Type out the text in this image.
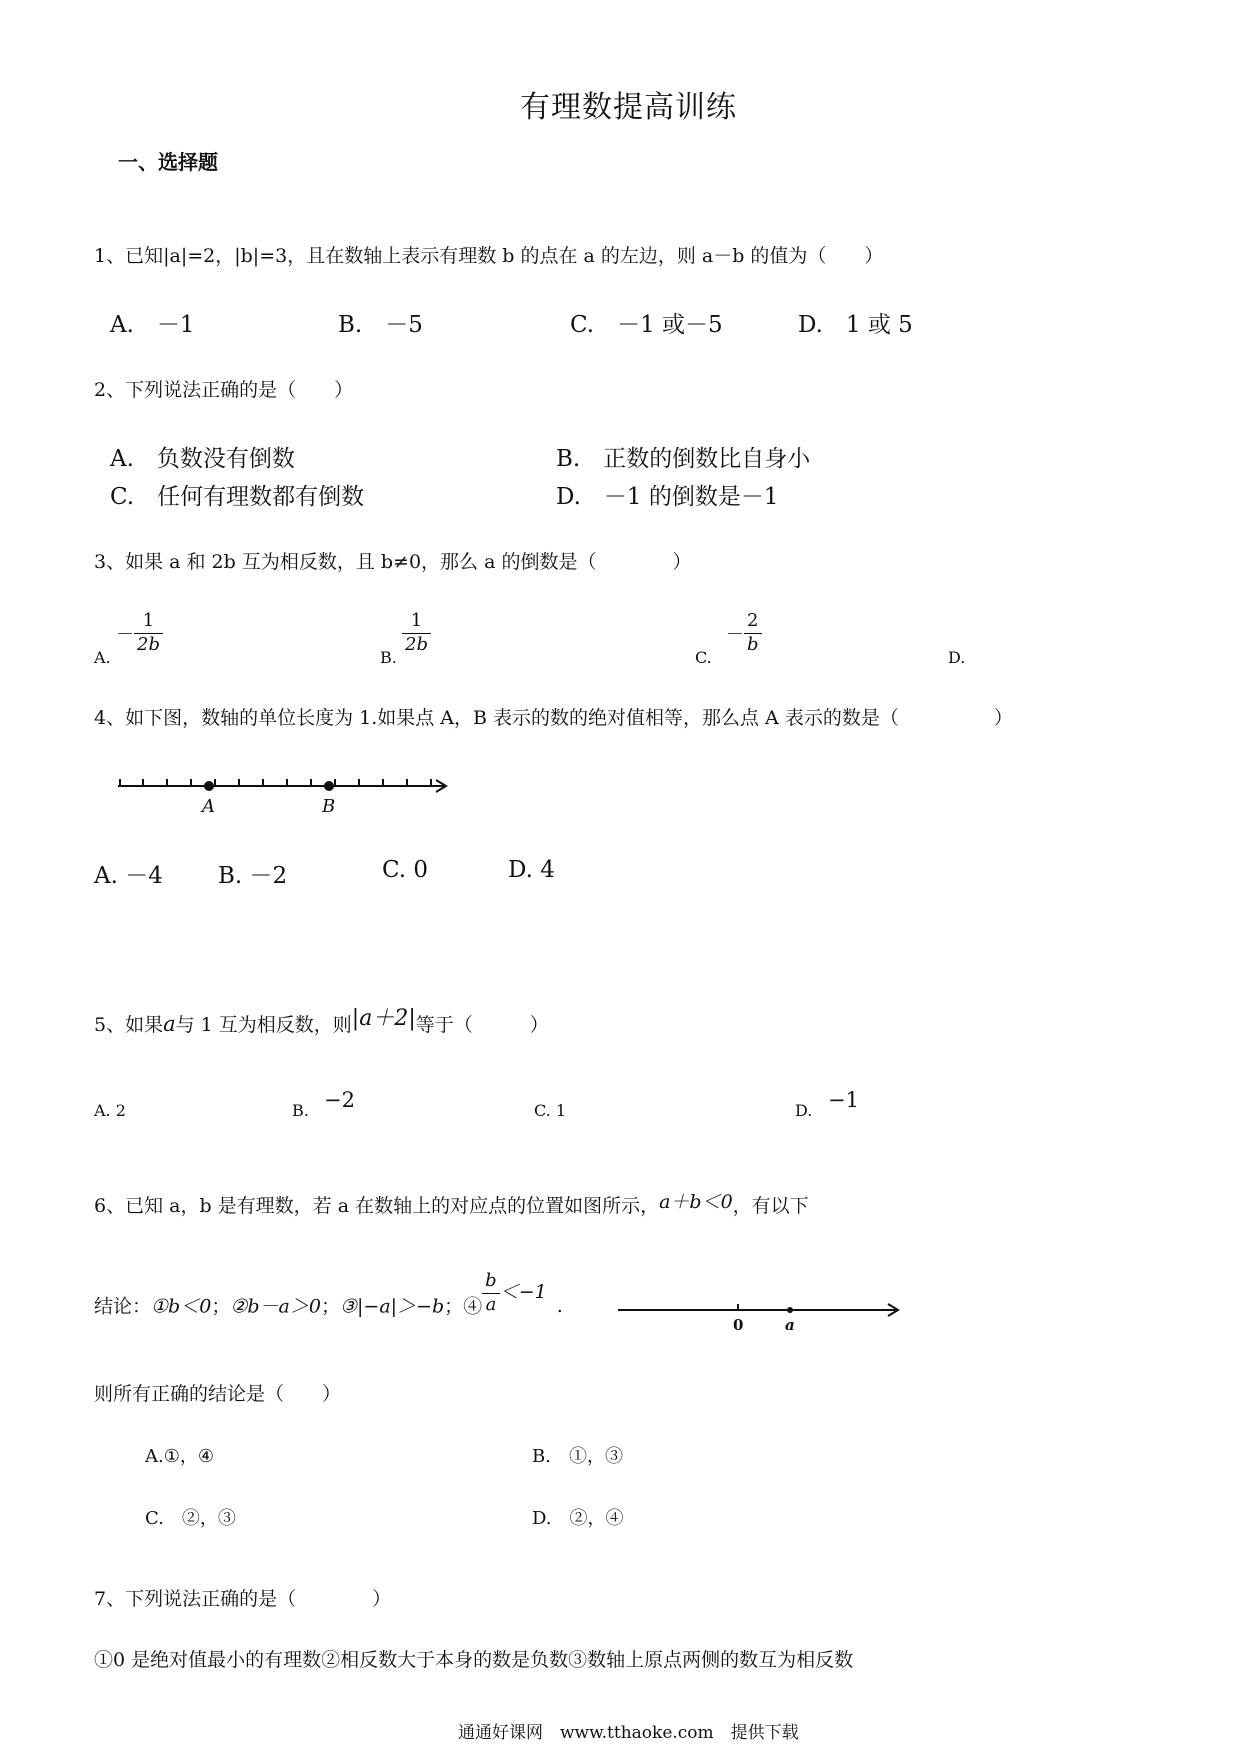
有理数提高训练
一、选择题
1、已知|a|=2，|b|=3，且在数轴上表示有理数 b 的点在 a 的左边，则 a－b 的值为（　　）
A.　－1	B.　－5	C.　－1 或－5	D.　1 或 5
2、下列说法正确的是（　　）
A.　负数没有倒数	B.　正数的倒数比自身小
C.　任何有理数都有倒数	D.　－1 的倒数是－1
3、如果 a 和 2b 互为相反数，且 b≠0，那么 a 的倒数是（　　　　）
A.
－ $\frac{1}{2b}$
B.
$\frac{1}{2b}$
C.
－ $\frac{2}{b}$
D.
4、如下图，数轴的单位长度为 1.如果点 A，B 表示的数的绝对值相等，那么点 A 表示的数是（　　　　　）
A	B
A. －4 B. －2	C. 0	D. 4
5、如果a与 1 互为相反数，则|a＋2|等于（　　　）
A. 2	B. −2	C. 1	D. −1
6、已知 a，b 是有理数，若 a 在数轴上的对应点的位置如图所示，a＋b＜0，有以下
结论：①b＜0；②b－a＞0；③|−a|＞−b；④ $\frac{b}{a} <-1$.
0	a
则所有正确的结论是（　　）
A.①，④	B.　①，③
C.　②，③	D.　②，④
7、下列说法正确的是（　　　　）
①0 是绝对值最小的有理数②相反数大于本身的数是负数③数轴上原点两侧的数互为相反数
通通好课网　www.tthaoke.com　提供下载
